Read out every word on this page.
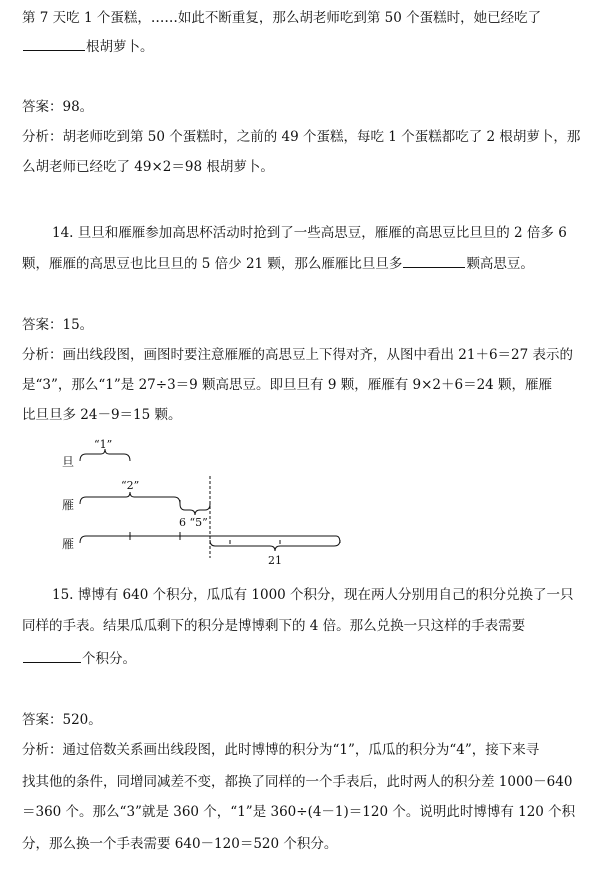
第 7 天吃 1 个蛋糕，……如此不断重复，那么胡老师吃到第 50 个蛋糕时，她已经吃了
根胡萝卜。
答案：98。
分析：胡老师吃到第 50 个蛋糕时，之前的 49 个蛋糕，每吃 1 个蛋糕都吃了 2 根胡萝卜，那
么胡老师已经吃了 49×2＝98 根胡萝卜。
14. 旦旦和雁雁参加高思杯活动时抢到了一些高思豆，雁雁的高思豆比旦旦的 2 倍多 6
颗，雁雁的高思豆也比旦旦的 5 倍少 21 颗，那么雁雁比旦旦多	颗高思豆。
答案：15。
分析：画出线段图，画图时要注意雁雁的高思豆上下得对齐，从图中看出 21＋6＝27 表示的
是“3”，那么“1”是 27÷3＝9 颗高思豆。即旦旦有 9 颗，雁雁有 9×2＋6＝24 颗，雁雁
比旦旦多 24－9＝15 颗。
旦
雁
雁
“1”
“2”
6 “5”
21
15. 博博有 640 个积分，瓜瓜有 1000 个积分，现在两人分别用自己的积分兑换了一只
同样的手表。结果瓜瓜剩下的积分是博博剩下的 4 倍。那么兑换一只这样的手表需要
个积分。
答案：520。
分析：通过倍数关系画出线段图，此时博博的积分为“1”，瓜瓜的积分为“4”，接下来寻
找其他的条件，同增同减差不变，都换了同样的一个手表后，此时两人的积分差 1000－640
＝360 个。那么“3”就是 360 个，“1”是 360÷(4－1)＝120 个。说明此时博博有 120 个积
分，那么换一个手表需要 640－120＝520 个积分。
